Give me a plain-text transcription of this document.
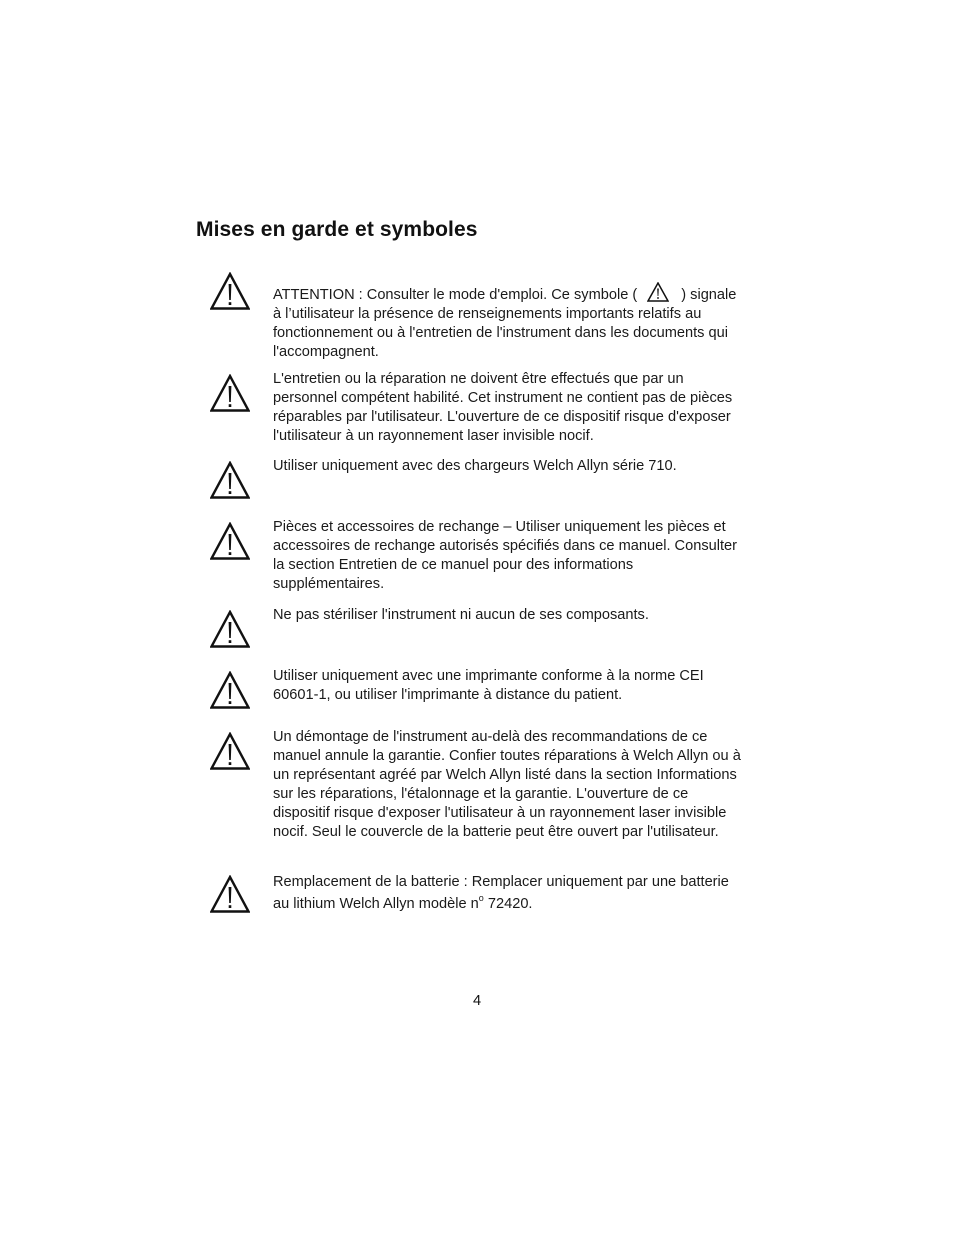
Mises en garde et symboles

ATTENTION : Consulter le mode d'emploi. Ce symbole (	) signale à l’utilisateur la présence de renseignements importants relatifs au fonctionnement ou à l'entretien de l'instrument dans les documents qui l'accompagnent.

L'entretien ou la réparation ne doivent être effectués que par un personnel compétent habilité. Cet instrument ne contient pas de pièces réparables par l'utilisateur. L'ouverture de ce dispositif risque d'exposer l'utilisateur à un rayonnement laser invisible nocif.

Utiliser uniquement avec des chargeurs Welch Allyn série 710.

Pièces et accessoires de rechange – Utiliser uniquement les pièces et accessoires de rechange autorisés spécifiés dans ce manuel. Consulter la section Entretien de ce manuel pour des informations supplémentaires.

Ne pas stériliser l'instrument ni aucun de ses composants.

Utiliser uniquement avec une imprimante conforme à la norme CEI 60601-1, ou utiliser l'imprimante à distance du patient.

Un démontage de l'instrument au-delà des recommandations de ce manuel annule la garantie. Confier toutes réparations à Welch Allyn ou à un représentant agréé par Welch Allyn listé dans la section Informations sur les réparations, l'étalonnage et la garantie. L'ouverture de ce dispositif risque d'exposer l'utilisateur à un rayonnement laser invisible nocif. Seul le couvercle de la batterie peut être ouvert par l'utilisateur.

Remplacement de la batterie : Remplacer uniquement par une batterie au lithium Welch Allyn modèle $n^o$ 72420.

4
